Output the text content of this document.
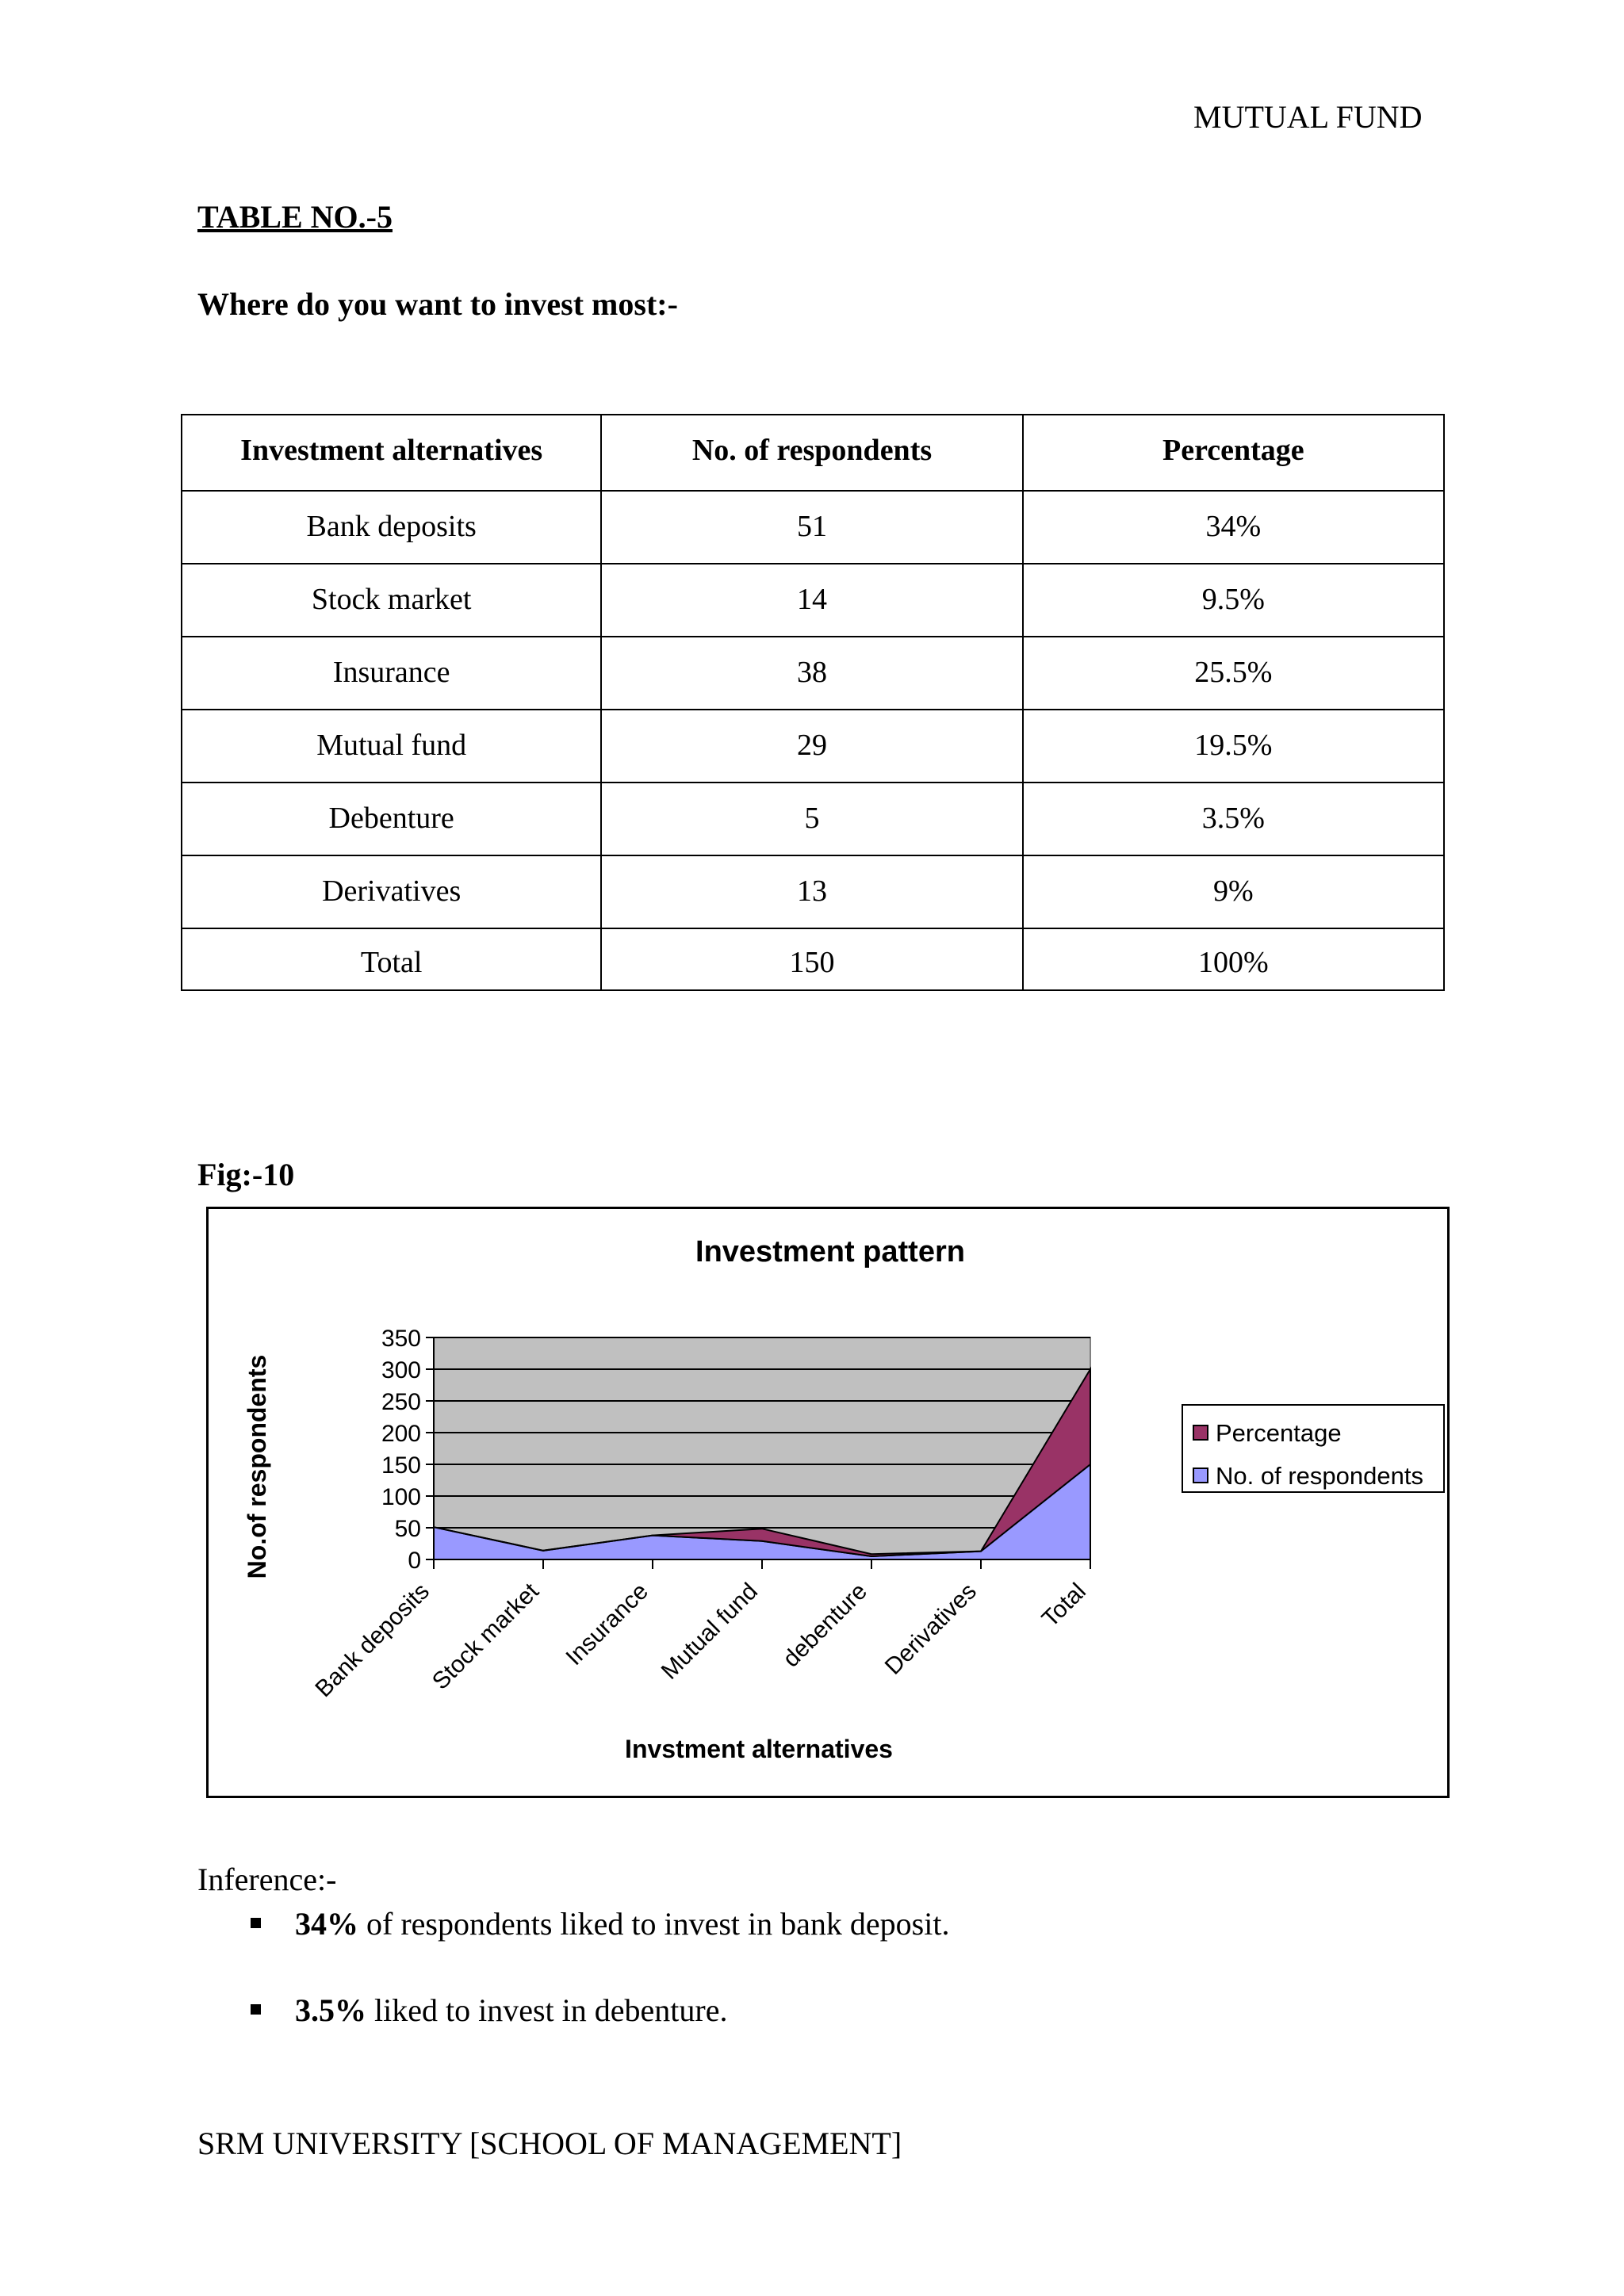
MUTUAL FUND
TABLE NO.-5
Where do you want to invest most:-
Investment alternatives	No. of respondents	Percentage
Bank deposits	51	34%
Stock market	14	9.5%
Insurance	38	25.5%
Mutual fund	29	19.5%
Debenture	5	3.5%
Derivatives	13	9%
Total	150	100%
Fig:-10
Investment pattern
No.of respondents
Invstment alternatives
0
50
100
150
200
250
300
350
Bank deposits
Stock market Insurance Mutual fund debenture Derivatives Total
Percentage
No. of respondents
Inference:-
34% of respondents liked to invest in bank deposit.
3.5% liked to invest in debenture.
SRM UNIVERSITY [SCHOOL OF MANAGEMENT]
